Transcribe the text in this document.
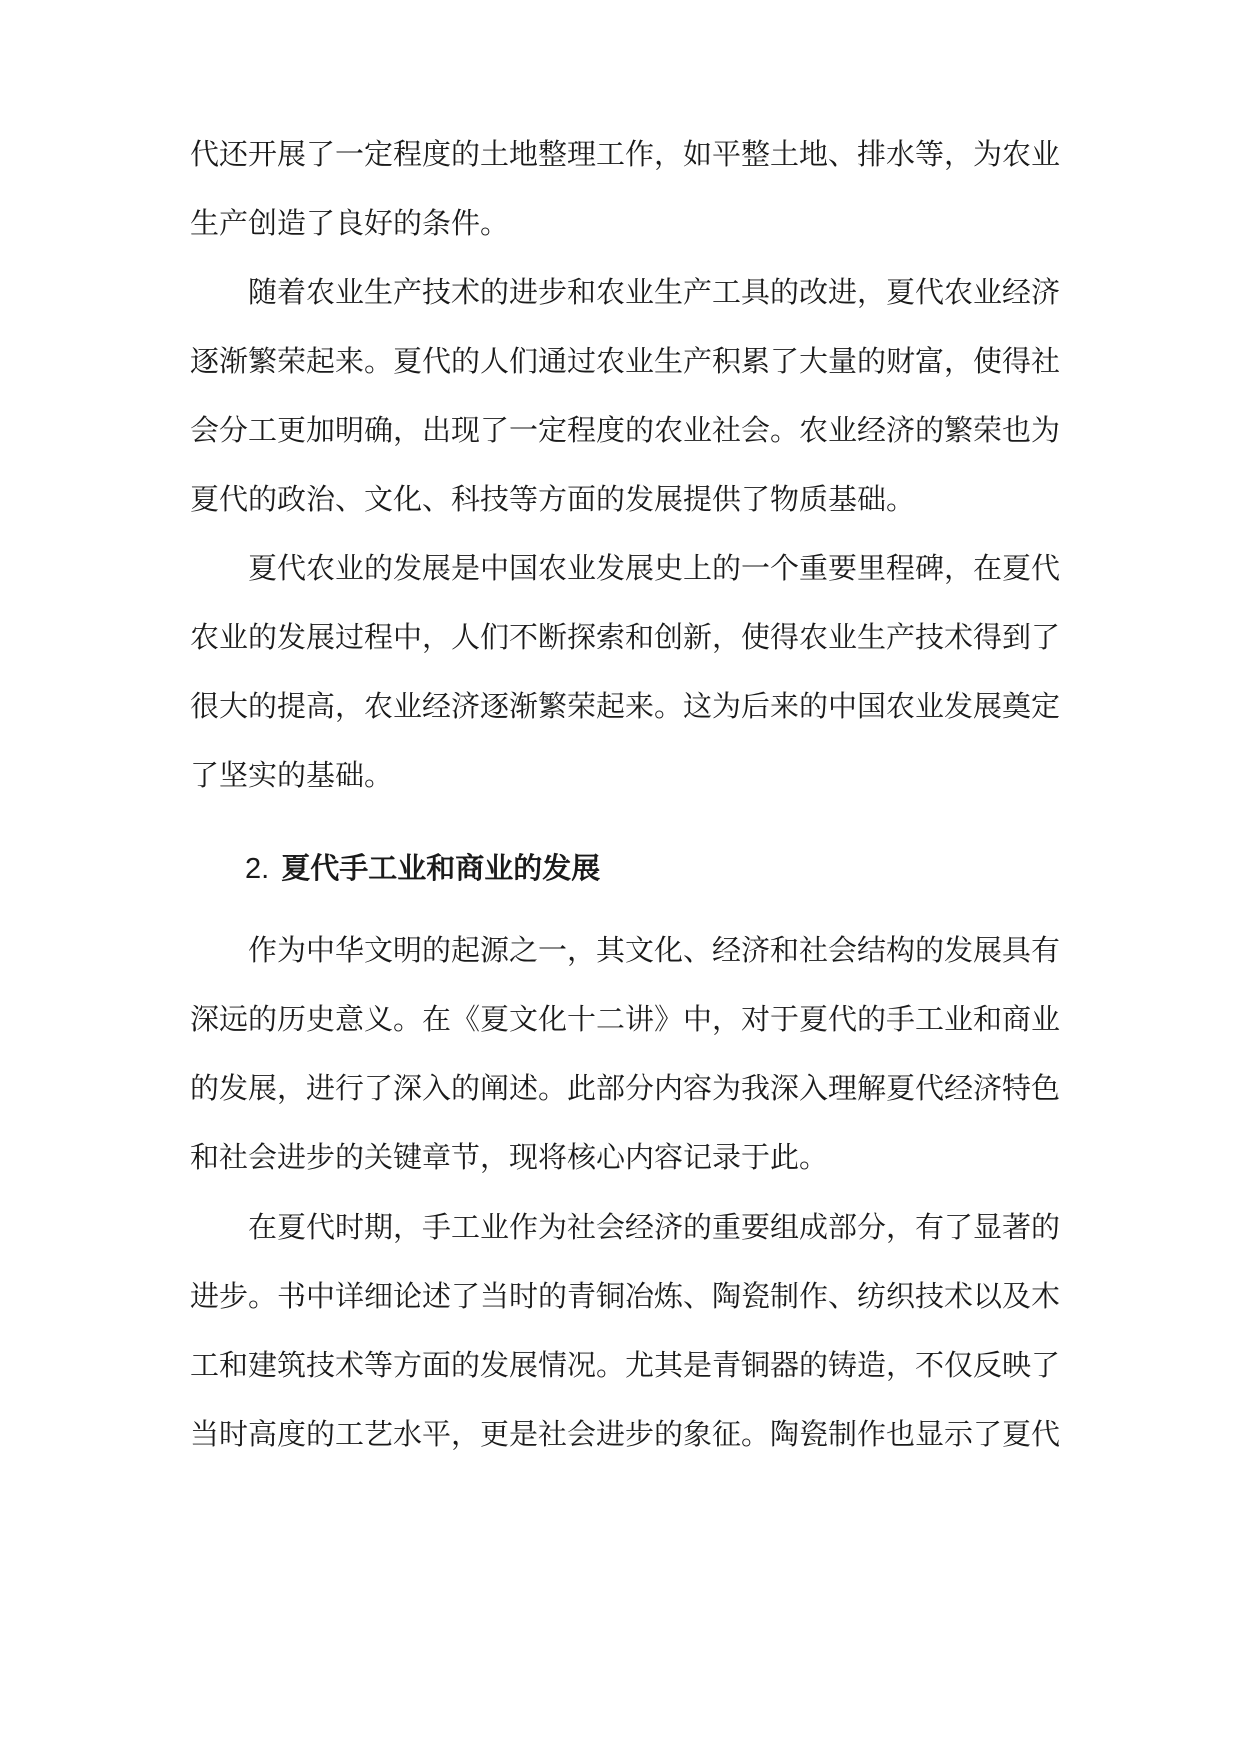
代还开展了一定程度的土地整理工作，如平整土地、排水等，为农业
生产创造了良好的条件。
随着农业生产技术的进步和农业生产工具的改进，夏代农业经济
逐渐繁荣起来。夏代的人们通过农业生产积累了大量的财富，使得社
会分工更加明确，出现了一定程度的农业社会。农业经济的繁荣也为
夏代的政治、文化、科技等方面的发展提供了物质基础。
夏代农业的发展是中国农业发展史上的一个重要里程碑，在夏代
农业的发展过程中，人们不断探索和创新，使得农业生产技术得到了
很大的提高，农业经济逐渐繁荣起来。这为后来的中国农业发展奠定
了坚实的基础。
2. 夏代手工业和商业的发展
作为中华文明的起源之一，其文化、经济和社会结构的发展具有
深远的历史意义。在《夏文化十二讲》中，对于夏代的手工业和商业
的发展，进行了深入的阐述。此部分内容为我深入理解夏代经济特色
和社会进步的关键章节，现将核心内容记录于此。
在夏代时期，手工业作为社会经济的重要组成部分，有了显著的
进步。书中详细论述了当时的青铜冶炼、陶瓷制作、纺织技术以及木
工和建筑技术等方面的发展情况。尤其是青铜器的铸造，不仅反映了
当时高度的工艺水平，更是社会进步的象征。陶瓷制作也显示了夏代
